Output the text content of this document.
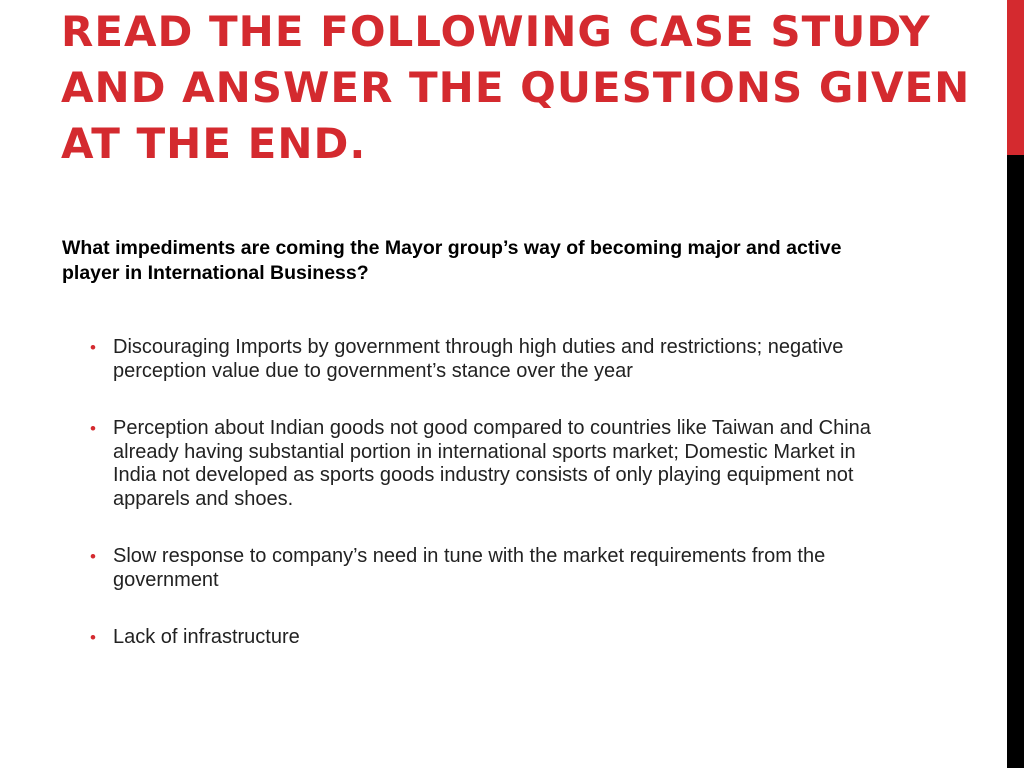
READ THE FOLLOWING CASE STUDY AND ANSWER THE QUESTIONS GIVEN AT THE END.

What impediments are coming the Mayor group’s way of becoming major and active player in International Business?

• Discouraging Imports by government through high duties and restrictions; negative perception value due to government’s stance over the year
• Perception about Indian goods not good compared to countries like Taiwan and China already having substantial portion in international sports market; Domestic Market in India not developed as sports goods industry consists of only playing equipment not apparels and shoes.
• Slow response to company’s need in tune with the market requirements from the government
• Lack of infrastructure
